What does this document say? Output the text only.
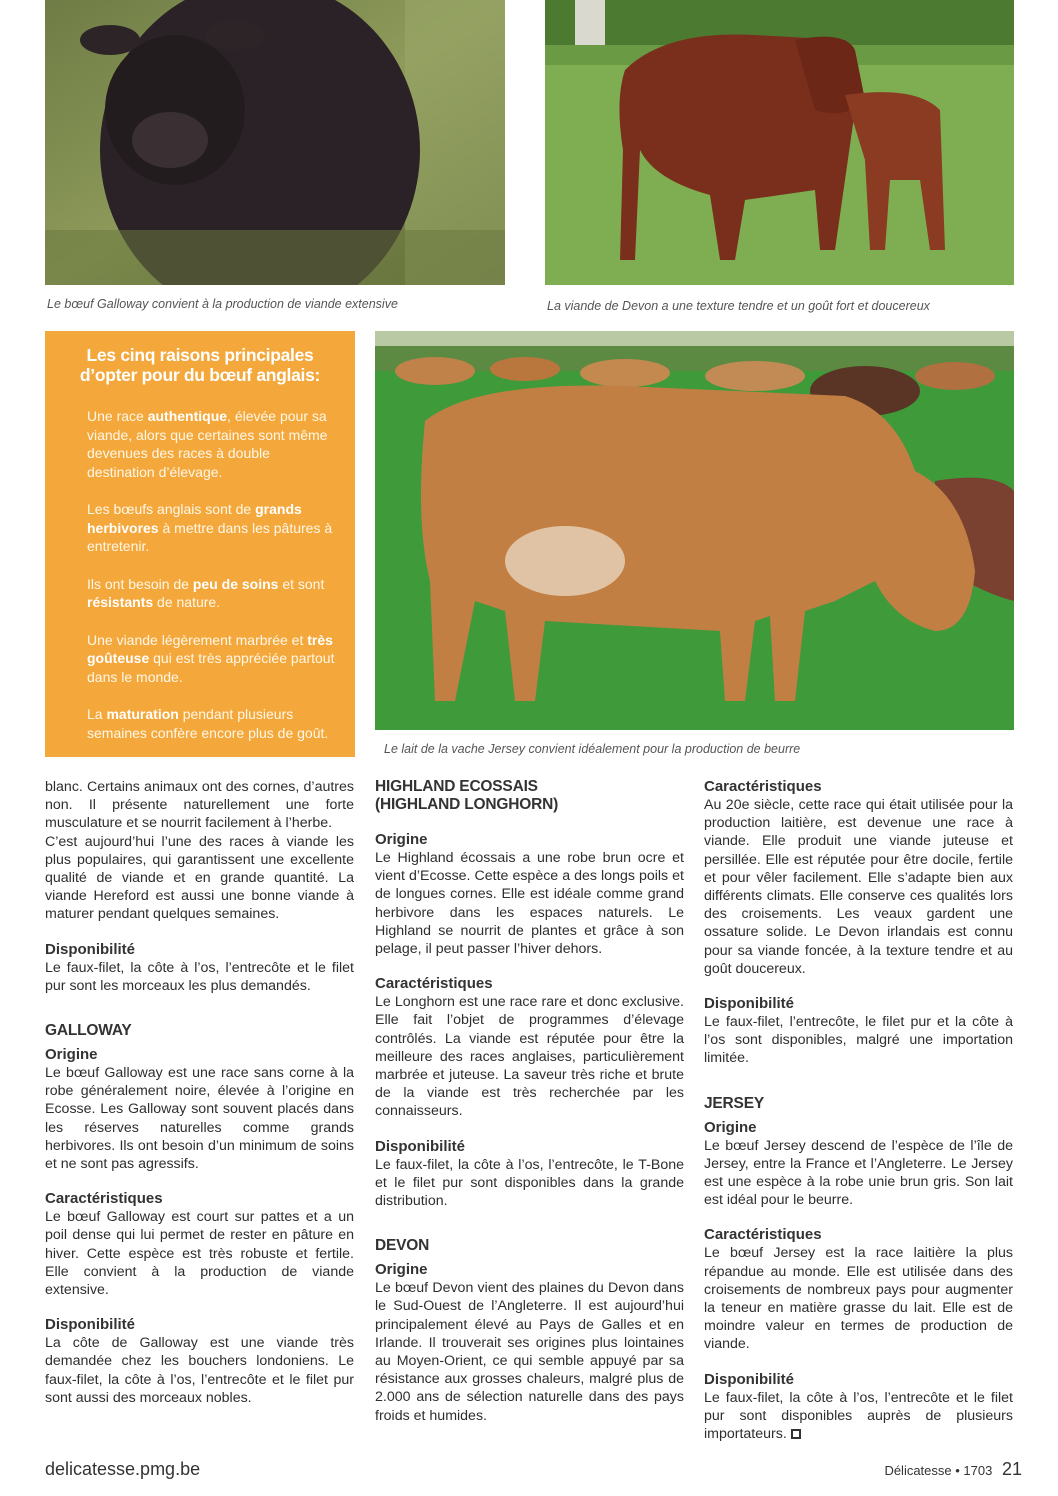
Le bœuf Galloway convient à la production de viande extensive	La viande de Devon a une texture tendre et un goût fort et doucereux
Les cinq raisons principales
d’opter pour du bœuf anglais:

Une race authentique, élevée pour sa viande, alors que certaines sont même devenues des races à double destination d’élevage.

Les bœufs anglais sont de grands herbivores à mettre dans les pâtures à entretenir.

Ils ont besoin de peu de soins et sont résistants de nature.

Une viande légèrement marbrée et très goûteuse qui est très appréciée partout dans le monde.

La maturation pendant plusieurs semaines confère encore plus de goût.

Le lait de la vache Jersey convient idéalement pour la production de beurre

blanc. Certains animaux ont des cornes, d’autres non. Il présente naturellement une forte musculature et se nourrit facilement à l’herbe.

C’est aujourd’hui l’une des races à viande les plus populaires, qui garantissent une excellente qualité de viande et en grande quantité. La viande Hereford est aussi une bonne viande à maturer pendant quelques semaines.

Disponibilité

Le faux-filet, la côte à l’os, l’entrecôte et le filet pur sont les morceaux les plus demandés.

GALLOWAY
Origine

Le bœuf Galloway est une race sans corne à la robe généralement noire, élevée à l’origine en Ecosse. Les Galloway sont souvent placés dans les réserves naturelles comme grands herbivores. Ils ont besoin d’un minimum de soins et ne sont pas agressifs.

Caractéristiques

Le bœuf Galloway est court sur pattes et a un poil dense qui lui permet de rester en pâture en hiver. Cette espèce est très robuste et fertile. Elle convient à la production de viande extensive.

Disponibilité

La côte de Galloway est une viande très demandée chez les bouchers londoniens. Le faux-filet, la côte à l’os, l’entrecôte et le filet pur sont aussi des morceaux nobles.

HIGHLAND ECOSSAIS
(HIGHLAND LONGHORN)
Origine

Le Highland écossais a une robe brun ocre et vient d’Ecosse. Cette espèce a des longs poils et de longues cornes. Elle est idéale comme grand herbivore dans les espaces naturels. Le Highland se nourrit de plantes et grâce à son pelage, il peut passer l’hiver dehors.

Caractéristiques

Le Longhorn est une race rare et donc exclusive. Elle fait l’objet de programmes d’élevage contrôlés. La viande est réputée pour être la meilleure des races anglaises, particulièrement marbrée et juteuse. La saveur très riche et brute de la viande est très recherchée par les connaisseurs.

Disponibilité

Le faux-filet, la côte à l’os, l’entrecôte, le T-Bone et le filet pur sont disponibles dans la grande distribution.

DEVON
Origine

Le bœuf Devon vient des plaines du Devon dans le Sud-Ouest de l’Angleterre. Il est aujourd’hui principalement élevé au Pays de Galles et en Irlande. Il trouverait ses origines plus lointaines au Moyen-Orient, ce qui semble appuyé par sa résistance aux grosses chaleurs, malgré plus de 2.000 ans de sélection naturelle dans des pays froids et humides.

Caractéristiques

Au 20e siècle, cette race qui était utilisée pour la production laitière, est devenue une race à viande. Elle produit une viande juteuse et persillée. Elle est réputée pour être docile, fertile et pour vêler facilement. Elle s’adapte bien aux différents climats. Elle conserve ces qualités lors des croisements. Les veaux gardent une ossature solide. Le Devon irlandais est connu pour sa viande foncée, à la texture tendre et au goût doucereux.

Disponibilité

Le faux-filet, l’entrecôte, le filet pur et la côte à l’os sont disponibles, malgré une importation limitée.

JERSEY
Origine

Le bœuf Jersey descend de l’espèce de l’île de Jersey, entre la France et l’Angleterre. Le Jersey est une espèce à la robe unie brun gris. Son lait est idéal pour le beurre.

Caractéristiques

Le bœuf Jersey est la race laitière la plus répandue au monde. Elle est utilisée dans des croisements de nombreux pays pour augmenter la teneur en matière grasse du lait. Elle est de moindre valeur en termes de production de viande.

Disponibilité

Le faux-filet, la côte à l’os, l’entrecôte et le filet pur sont disponibles auprès de plusieurs importateurs.

delicatesse.pmg.be	Délicatesse • 1703 21
